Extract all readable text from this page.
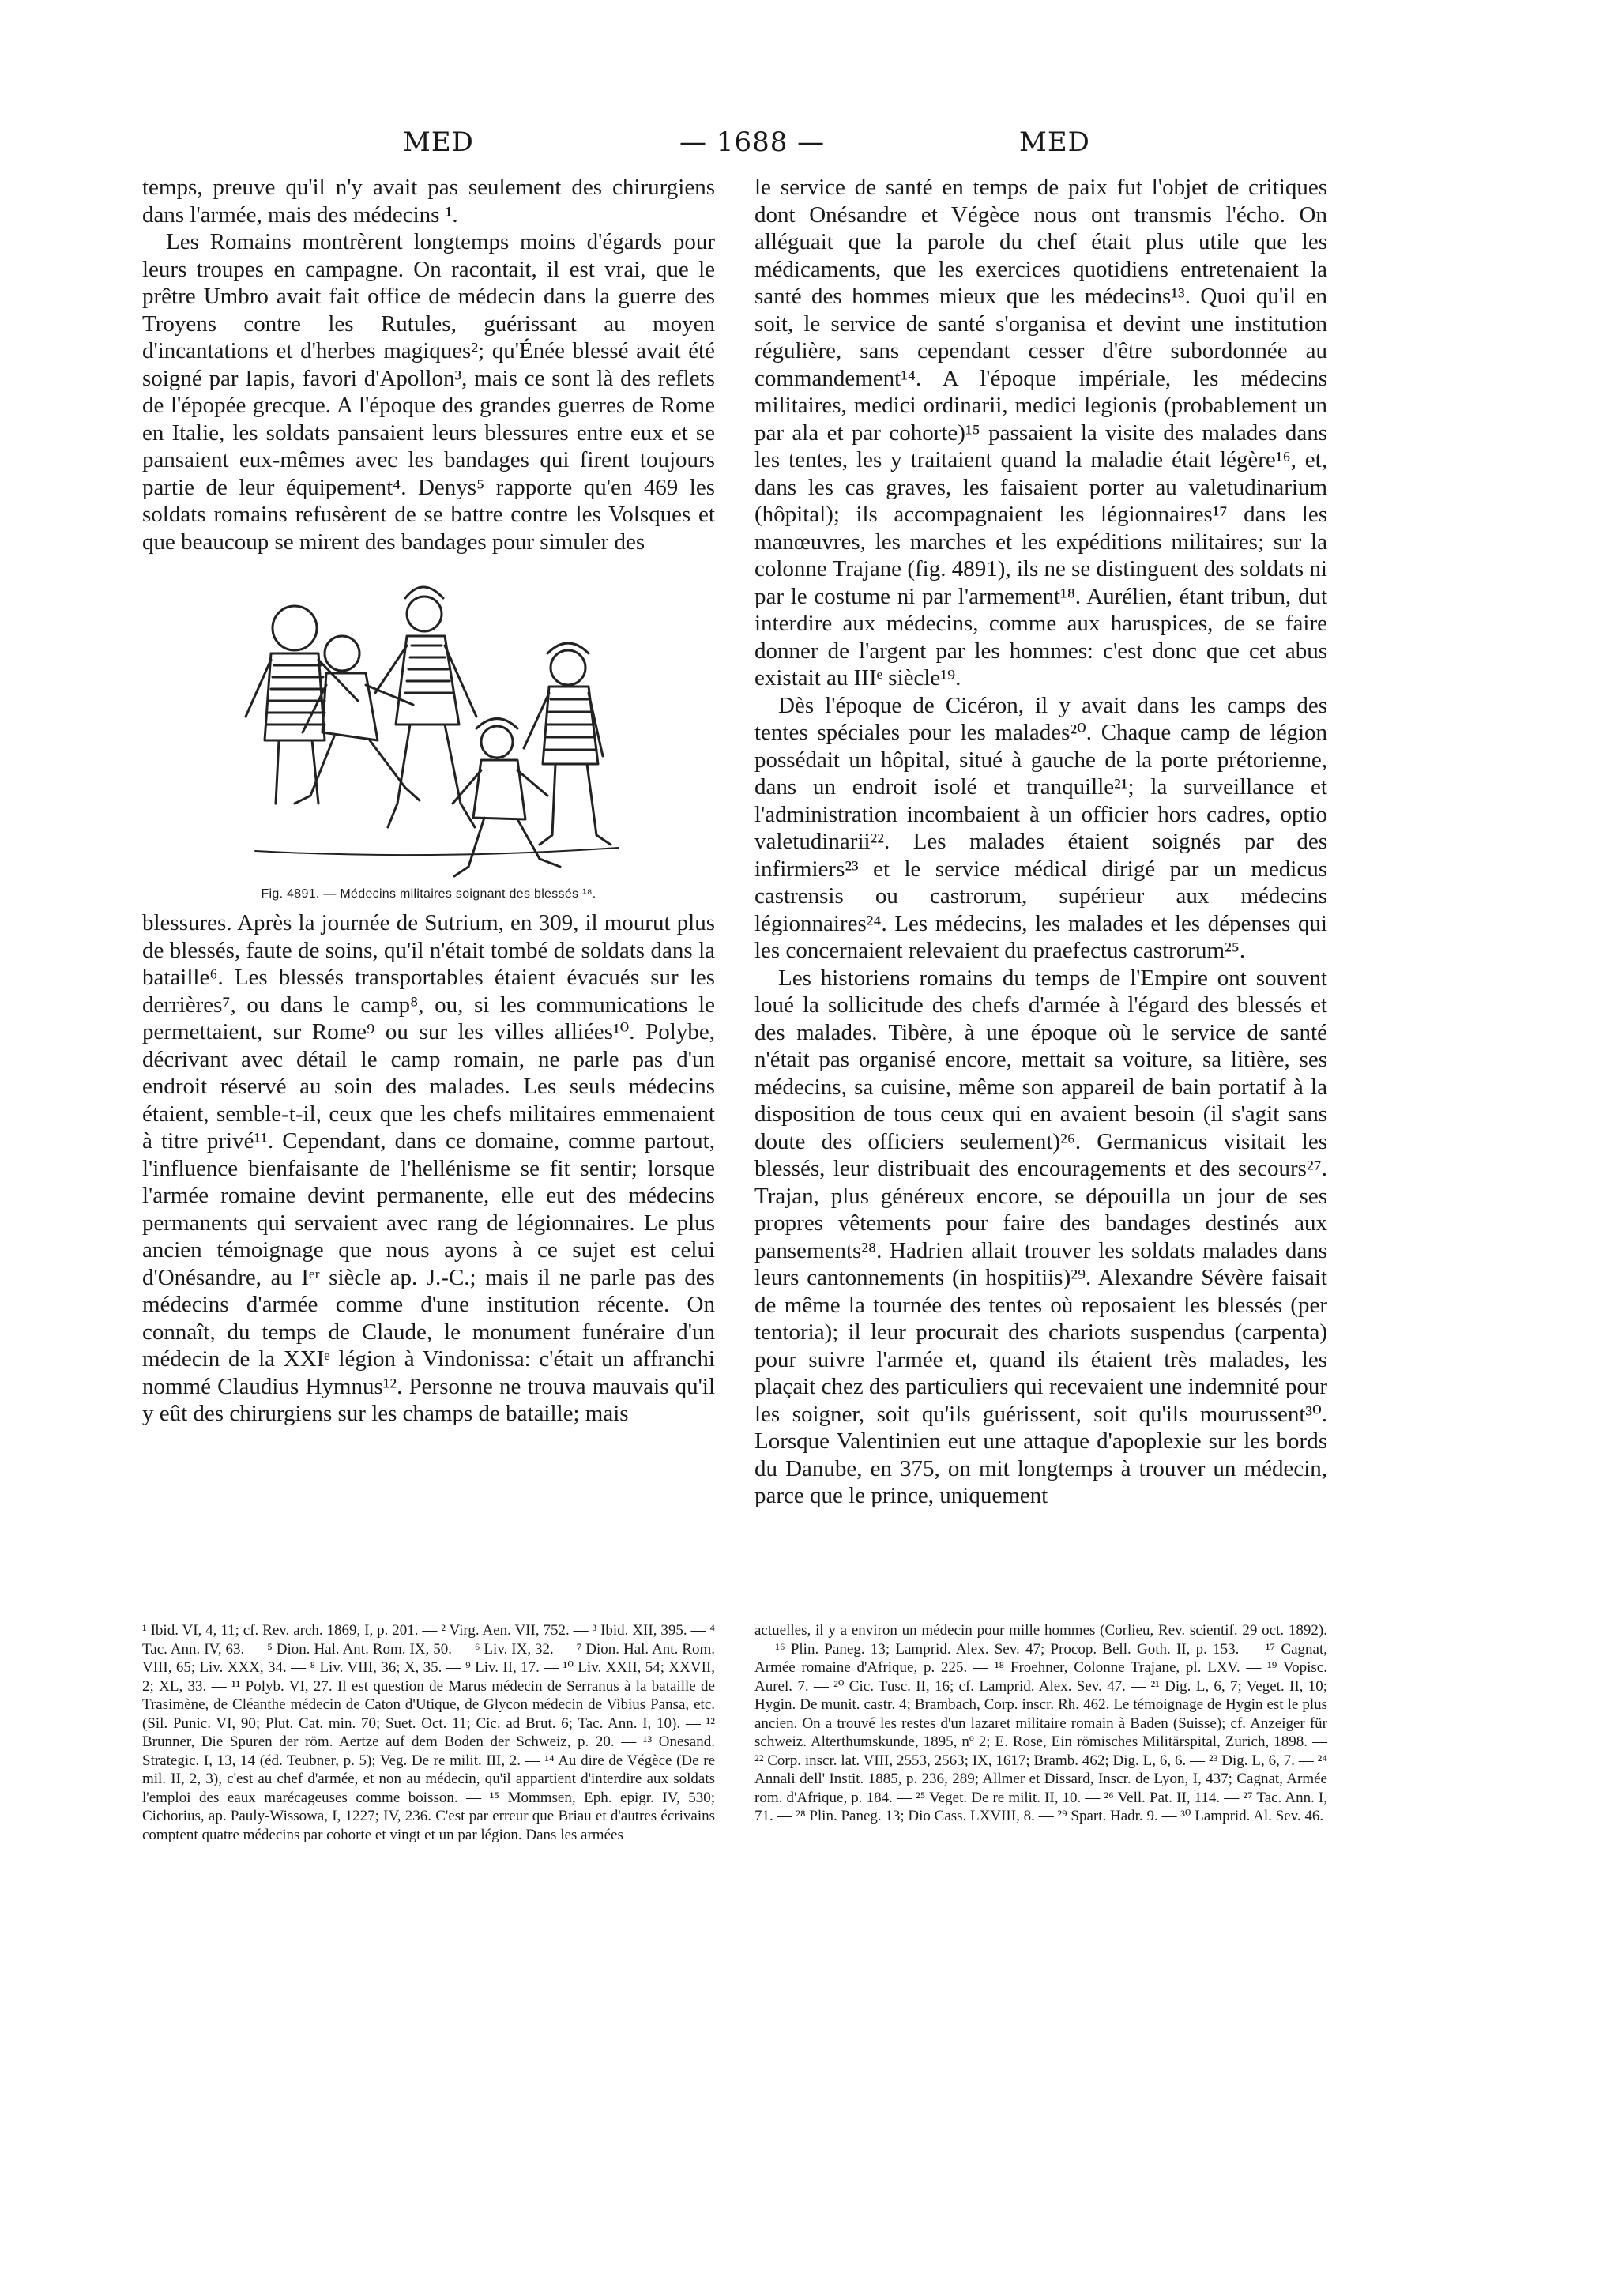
MED	— 1688 —	MED

temps, preuve qu'il n'y avait pas seulement des chirurgiens dans l'armée, mais des médecins ¹.

Les Romains montrèrent longtemps moins d'égards pour leurs troupes en campagne. On racontait, il est vrai, que le prêtre Umbro avait fait office de médecin dans la guerre des Troyens contre les Rutules, guérissant au moyen d'incantations et d'herbes magiques²; qu'Énée blessé avait été soigné par Iapis, favori d'Apollon³, mais ce sont là des reflets de l'épopée grecque. A l'époque des grandes guerres de Rome en Italie, les soldats pansaient leurs blessures entre eux et se pansaient eux-mêmes avec les bandages qui firent toujours partie de leur équipement⁴. Denys⁵ rapporte qu'en 469 les soldats romains refusèrent de se battre contre les Volsques et que beaucoup se mirent des bandages pour simuler des

Fig. 4891. — Médecins militaires soignant des blessés ¹⁸.

blessures. Après la journée de Sutrium, en 309, il mourut plus de blessés, faute de soins, qu'il n'était tombé de soldats dans la bataille⁶. Les blessés transportables étaient évacués sur les derrières⁷, ou dans le camp⁸, ou, si les communications le permettaient, sur Rome⁹ ou sur les villes alliées¹⁰. Polybe, décrivant avec détail le camp romain, ne parle pas d'un endroit réservé au soin des malades. Les seuls médecins étaient, semble-t-il, ceux que les chefs militaires emmenaient à titre privé¹¹. Cependant, dans ce domaine, comme partout, l'influence bienfaisante de l'hellénisme se fit sentir; lorsque l'armée romaine devint permanente, elle eut des médecins permanents qui servaient avec rang de légionnaires. Le plus ancien témoignage que nous ayons à ce sujet est celui d'Onésandre, au Iᵉʳ siècle ap. J.-C.; mais il ne parle pas des médecins d'armée comme d'une institution récente. On connaît, du temps de Claude, le monument funéraire d'un médecin de la XXIᵉ légion à Vindonissa: c'était un affranchi nommé Claudius Hymnus¹². Personne ne trouva mauvais qu'il y eût des chirurgiens sur les champs de bataille; mais

le service de santé en temps de paix fut l'objet de critiques dont Onésandre et Végèce nous ont transmis l'écho. On alléguait que la parole du chef était plus utile que les médicaments, que les exercices quotidiens entretenaient la santé des hommes mieux que les médecins¹³. Quoi qu'il en soit, le service de santé s'organisa et devint une institution régulière, sans cependant cesser d'être subordonnée au commandement¹⁴. A l'époque impériale, les médecins militaires, medici ordinarii, medici legionis (probablement un par ala et par cohorte)¹⁵ passaient la visite des malades dans les tentes, les y traitaient quand la maladie était légère¹⁶, et, dans les cas graves, les faisaient porter au valetudinarium (hôpital); ils accompagnaient les légionnaires¹⁷ dans les manœuvres, les marches et les expéditions militaires; sur la colonne Trajane (fig. 4891), ils ne se distinguent des soldats ni par le costume ni par l'armement¹⁸. Aurélien, étant tribun, dut interdire aux médecins, comme aux haruspices, de se faire donner de l'argent par les hommes: c'est donc que cet abus existait au IIIᵉ siècle¹⁹.

Dès l'époque de Cicéron, il y avait dans les camps des tentes spéciales pour les malades²⁰. Chaque camp de légion possédait un hôpital, situé à gauche de la porte prétorienne, dans un endroit isolé et tranquille²¹; la surveillance et l'administration incombaient à un officier hors cadres, optio valetudinarii²². Les malades étaient soignés par des infirmiers²³ et le service médical dirigé par un medicus castrensis ou castrorum, supérieur aux médecins légionnaires²⁴. Les médecins, les malades et les dépenses qui les concernaient relevaient du praefectus castrorum²⁵.

Les historiens romains du temps de l'Empire ont souvent loué la sollicitude des chefs d'armée à l'égard des blessés et des malades. Tibère, à une époque où le service de santé n'était pas organisé encore, mettait sa voiture, sa litière, ses médecins, sa cuisine, même son appareil de bain portatif à la disposition de tous ceux qui en avaient besoin (il s'agit sans doute des officiers seulement)²⁶. Germanicus visitait les blessés, leur distribuait des encouragements et des secours²⁷. Trajan, plus généreux encore, se dépouilla un jour de ses propres vêtements pour faire des bandages destinés aux pansements²⁸. Hadrien allait trouver les soldats malades dans leurs cantonnements (in hospitiis)²⁹. Alexandre Sévère faisait de même la tournée des tentes où reposaient les blessés (per tentoria); il leur procurait des chariots suspendus (carpenta) pour suivre l'armée et, quand ils étaient très malades, les plaçait chez des particuliers qui recevaient une indemnité pour les soigner, soit qu'ils guérissent, soit qu'ils mourussent³⁰. Lorsque Valentinien eut une attaque d'apoplexie sur les bords du Danube, en 375, on mit longtemps à trouver un médecin, parce que le prince, uniquement

¹ Ibid. VI, 4, 11; cf. Rev. arch. 1869, I, p. 201. — ² Virg. Aen. VII, 752. — ³ Ibid. XII, 395. — ⁴ Tac. Ann. IV, 63. — ⁵ Dion. Hal. Ant. Rom. IX, 50. — ⁶ Liv. IX, 32. — ⁷ Dion. Hal. Ant. Rom. VIII, 65; Liv. XXX, 34. — ⁸ Liv. VIII, 36; X, 35. — ⁹ Liv. II, 17. — ¹⁰ Liv. XXII, 54; XXVII, 2; XL, 33. — ¹¹ Polyb. VI, 27. Il est question de Marus médecin de Serranus à la bataille de Trasimène, de Cléanthe médecin de Caton d'Utique, de Glycon médecin de Vibius Pansa, etc. (Sil. Punic. VI, 90; Plut. Cat. min. 70; Suet. Oct. 11; Cic. ad Brut. 6; Tac. Ann. I, 10). — ¹² Brunner, Die Spuren der röm. Aertze auf dem Boden der Schweiz, p. 20. — ¹³ Onesand. Strategic. I, 13, 14 (éd. Teubner, p. 5); Veg. De re milit. III, 2. — ¹⁴ Au dire de Végèce (De re mil. II, 2, 3), c'est au chef d'armée, et non au médecin, qu'il appartient d'interdire aux soldats l'emploi des eaux marécageuses comme boisson. — ¹⁵ Mommsen, Eph. epigr. IV, 530; Cichorius, ap. Pauly-Wissowa, I, 1227; IV, 236. C'est par erreur que Briau et d'autres écrivains comptent quatre médecins par cohorte et vingt et un par légion. Dans les armées

actuelles, il y a environ un médecin pour mille hommes (Corlieu, Rev. scientif. 29 oct. 1892). — ¹⁶ Plin. Paneg. 13; Lamprid. Alex. Sev. 47; Procop. Bell. Goth. II, p. 153. — ¹⁷ Cagnat, Armée romaine d'Afrique, p. 225. — ¹⁸ Froehner, Colonne Trajane, pl. LXV. — ¹⁹ Vopisc. Aurel. 7. — ²⁰ Cic. Tusc. II, 16; cf. Lamprid. Alex. Sev. 47. — ²¹ Dig. L, 6, 7; Veget. II, 10; Hygin. De munit. castr. 4; Brambach, Corp. inscr. Rh. 462. Le témoignage de Hygin est le plus ancien. On a trouvé les restes d'un lazaret militaire romain à Baden (Suisse); cf. Anzeiger für schweiz. Alterthumskunde, 1895, nº 2; E. Rose, Ein römisches Militärspital, Zurich, 1898. — ²² Corp. inscr. lat. VIII, 2553, 2563; IX, 1617; Bramb. 462; Dig. L, 6, 6. — ²³ Dig. L, 6, 7. — ²⁴ Annali dell' Instit. 1885, p. 236, 289; Allmer et Dissard, Inscr. de Lyon, I, 437; Cagnat, Armée rom. d'Afrique, p. 184. — ²⁵ Veget. De re milit. II, 10. — ²⁶ Vell. Pat. II, 114. — ²⁷ Tac. Ann. I, 71. — ²⁸ Plin. Paneg. 13; Dio Cass. LXVIII, 8. — ²⁹ Spart. Hadr. 9. — ³⁰ Lamprid. Al. Sev. 46.
